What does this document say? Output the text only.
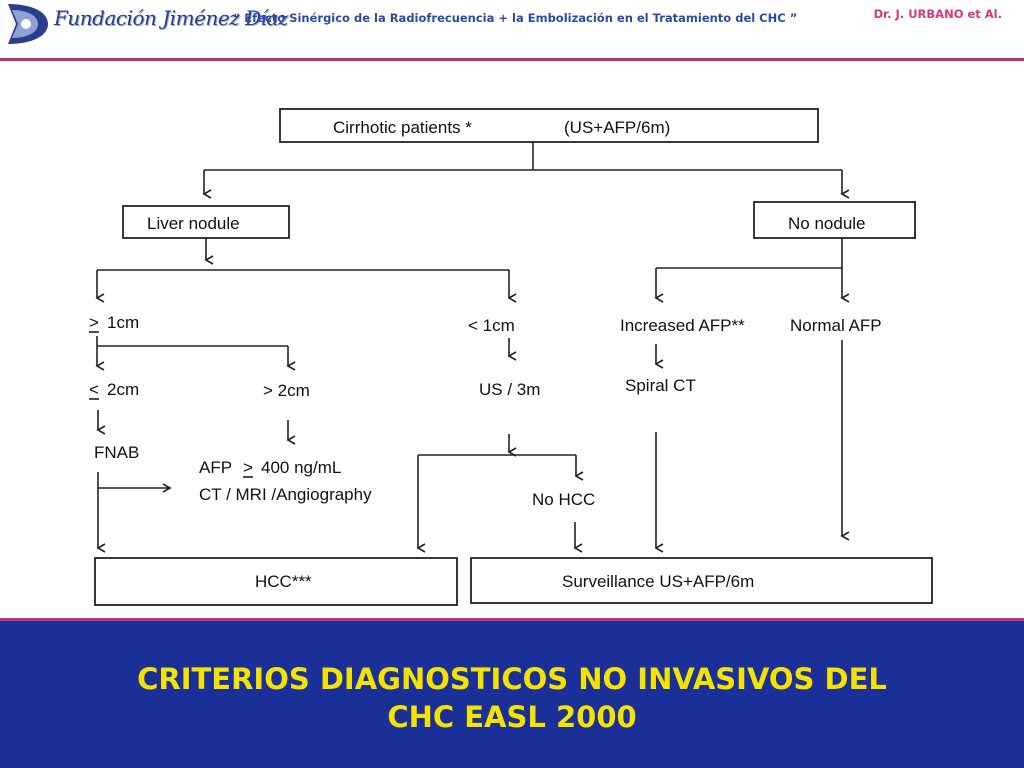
Fundación Jiménez Díaz
“ Efecto Sinérgico de la Radiofrecuencia + la Embolización en el Tratamiento del CHC ”	Dr. J. URBANO et Al.
Cirrhotic patients *	(US+AFP/6m)
Liver nodule	No nodule
> 1cm	< 1cm	Increased AFP**	Normal AFP
< 2cm	> 2cm	US / 3m	Spiral CT
FNAB
AFP > 400 ng/mL
CT / MRI /Angiography	No HCC
HCC***	Surveillance US+AFP/6m
CRITERIOS DIAGNOSTICOS NO INVASIVOS DEL
CHC EASL 2000
